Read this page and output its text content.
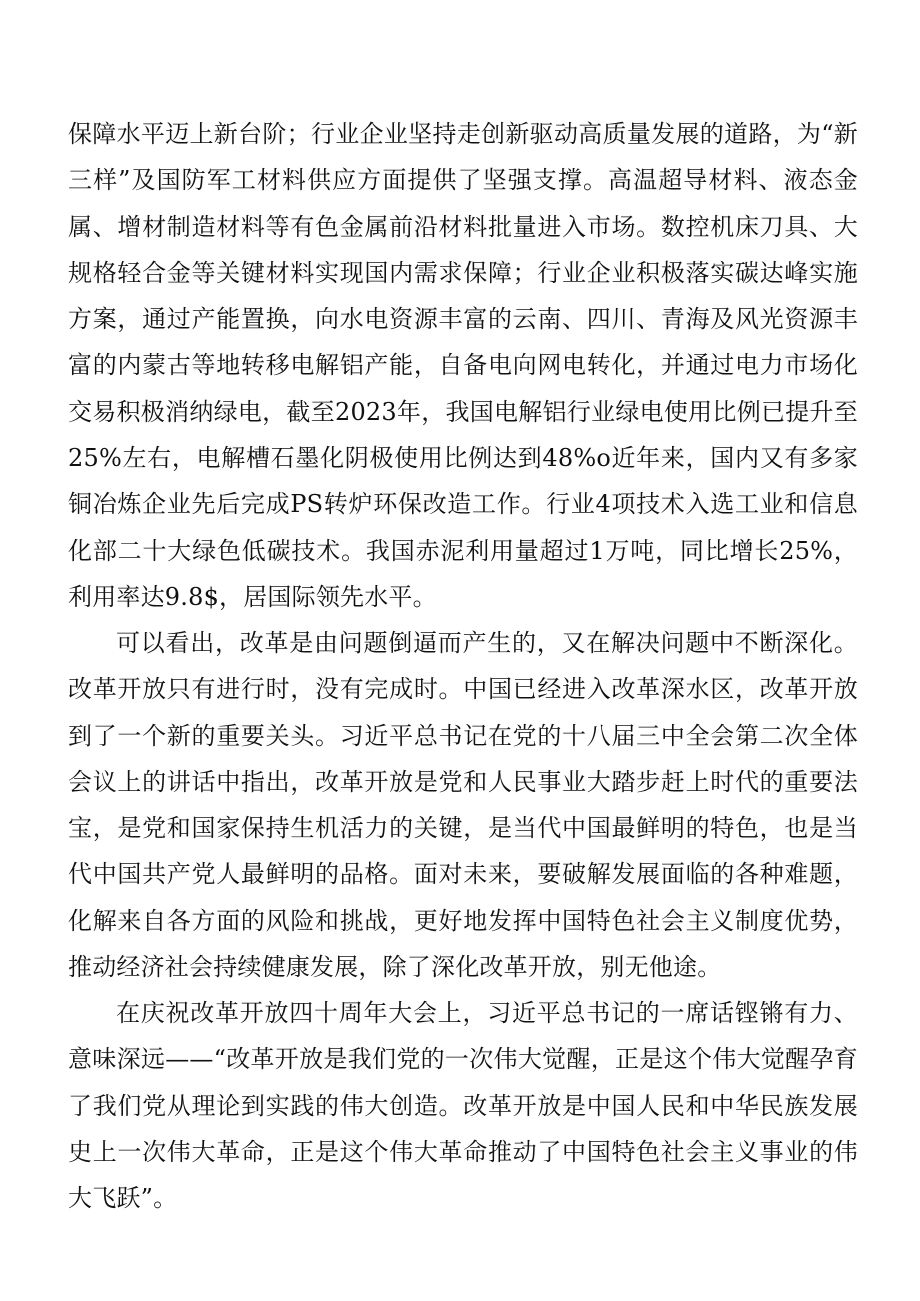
保障水平迈上新台阶；行业企业坚持走创新驱动高质量发展的道路，为“新三样”及国防军工材料供应方面提供了坚强支撑。高温超导材料、液态金属、增材制造材料等有色金属前沿材料批量进入市场。数控机床刀具、大规格轻合金等关键材料实现国内需求保障；行业企业积极落实碳达峰实施方案，通过产能置换，向水电资源丰富的云南、四川、青海及风光资源丰富的内蒙古等地转移电解铝产能，自备电向网电转化，并通过电力市场化交易积极消纳绿电，截至2023年，我国电解铝行业绿电使用比例已提升至25%左右，电解槽石墨化阴极使用比例达到48%o近年来，国内又有多家铜冶炼企业先后完成PS转炉环保改造工作。行业4项技术入选工业和信息化部二十大绿色低碳技术。我国赤泥利用量超过1万吨，同比增长25%，利用率达9.8$，居国际领先水平。

可以看出，改革是由问题倒逼而产生的，又在解决问题中不断深化。改革开放只有进行时，没有完成时。中国已经进入改革深水区，改革开放到了一个新的重要关头。习近平总书记在党的十八届三中全会第二次全体会议上的讲话中指出，改革开放是党和人民事业大踏步赶上时代的重要法宝，是党和国家保持生机活力的关键，是当代中国最鲜明的特色，也是当代中国共产党人最鲜明的品格。面对未来，要破解发展面临的各种难题，化解来自各方面的风险和挑战，更好地发挥中国特色社会主义制度优势，推动经济社会持续健康发展，除了深化改革开放，别无他途。

在庆祝改革开放四十周年大会上，习近平总书记的一席话铿锵有力、意味深远——“改革开放是我们党的一次伟大觉醒，正是这个伟大觉醒孕育了我们党从理论到实践的伟大创造。改革开放是中国人民和中华民族发展史上一次伟大革命，正是这个伟大革命推动了中国特色社会主义事业的伟大飞跃”。
